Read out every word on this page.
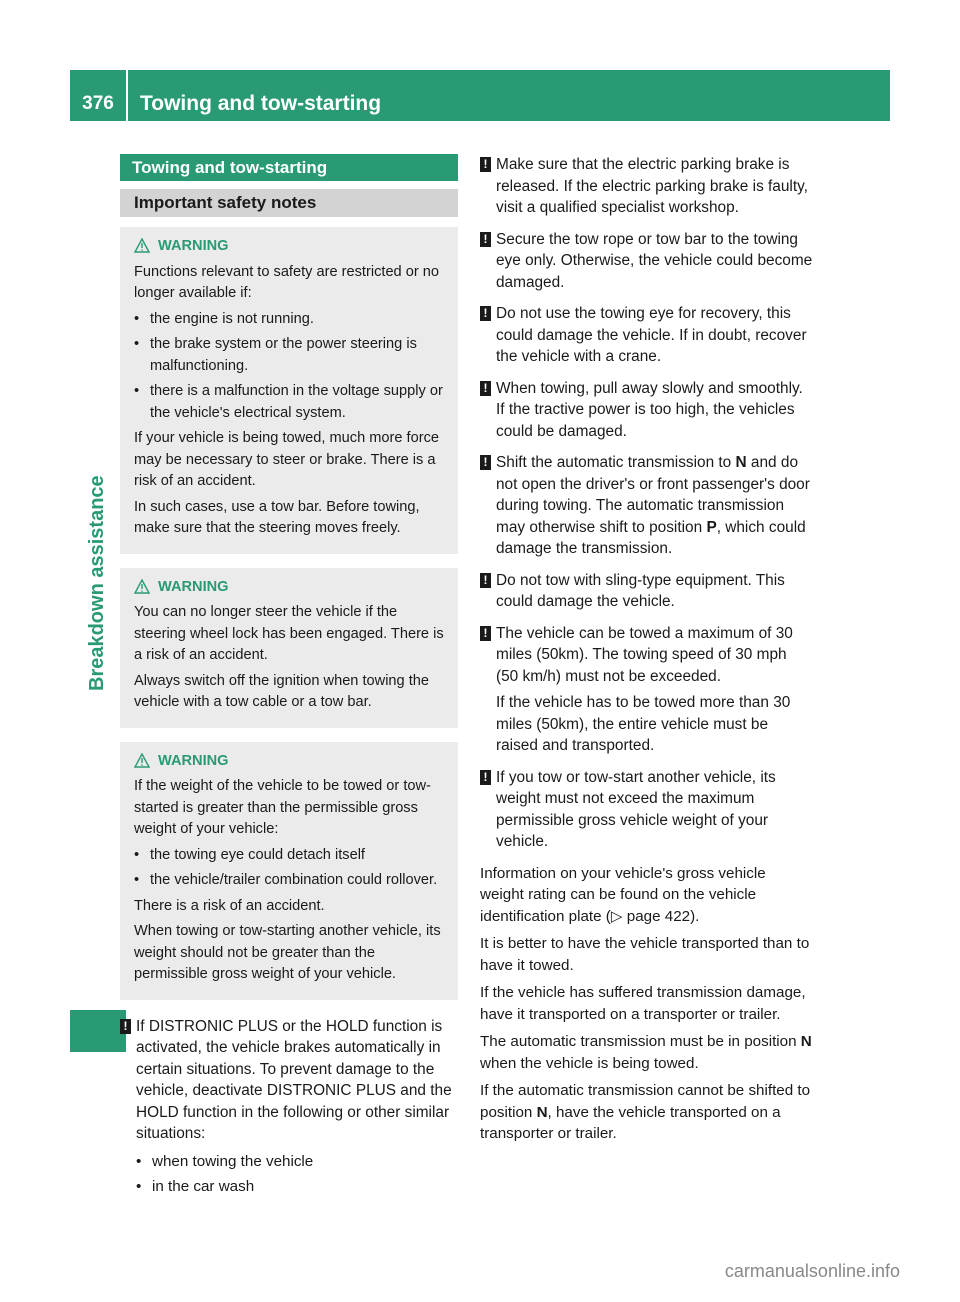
376	Towing and tow-starting
Breakdown assistance
Towing and tow-starting
Important safety notes
WARNING

Functions relevant to safety are restricted or no longer available if:

• the engine is not running.
• the brake system or the power steering is malfunctioning.
• there is a malfunction in the voltage supply or the vehicle's electrical system.

If your vehicle is being towed, much more force may be necessary to steer or brake. There is a risk of an accident.

In such cases, use a tow bar. Before towing, make sure that the steering moves freely.

WARNING

You can no longer steer the vehicle if the steering wheel lock has been engaged. There is a risk of an accident.

Always switch off the ignition when towing the vehicle with a tow cable or a tow bar.

WARNING

If the weight of the vehicle to be towed or tow-started is greater than the permissible gross weight of your vehicle:

• the towing eye could detach itself
• the vehicle/trailer combination could rollover.

There is a risk of an accident.

When towing or tow-starting another vehicle, its weight should not be greater than the permissible gross weight of your vehicle.

! If DISTRONIC PLUS or the HOLD function is activated, the vehicle brakes automatically in certain situations. To prevent damage to the vehicle, deactivate DISTRONIC PLUS and the HOLD function in the following or other similar situations:
• when towing the vehicle
• in the car wash
! Make sure that the electric parking brake is released. If the electric parking brake is faulty, visit a qualified specialist workshop.
! Secure the tow rope or tow bar to the towing eye only. Otherwise, the vehicle could become damaged.
! Do not use the towing eye for recovery, this could damage the vehicle. If in doubt, recover the vehicle with a crane.
! When towing, pull away slowly and smoothly. If the tractive power is too high, the vehicles could be damaged.
! Shift the automatic transmission to N and do not open the driver's or front passenger's door during towing. The automatic transmission may otherwise shift to position P, which could damage the transmission.
! Do not tow with sling-type equipment. This could damage the vehicle.
! The vehicle can be towed a maximum of 30 miles (50km). The towing speed of 30 mph (50 km/h) must not be exceeded.
If the vehicle has to be towed more than 30 miles (50km), the entire vehicle must be raised and transported.
! If you tow or tow-start another vehicle, its weight must not exceed the maximum permissible gross vehicle weight of your vehicle.

Information on your vehicle's gross vehicle weight rating can be found on the vehicle identification plate (▷ page 422).

It is better to have the vehicle transported than to have it towed.

If the vehicle has suffered transmission damage, have it transported on a transporter or trailer.

The automatic transmission must be in position N when the vehicle is being towed.

If the automatic transmission cannot be shifted to position N, have the vehicle transported on a transporter or trailer.

carmanualsonline.info
